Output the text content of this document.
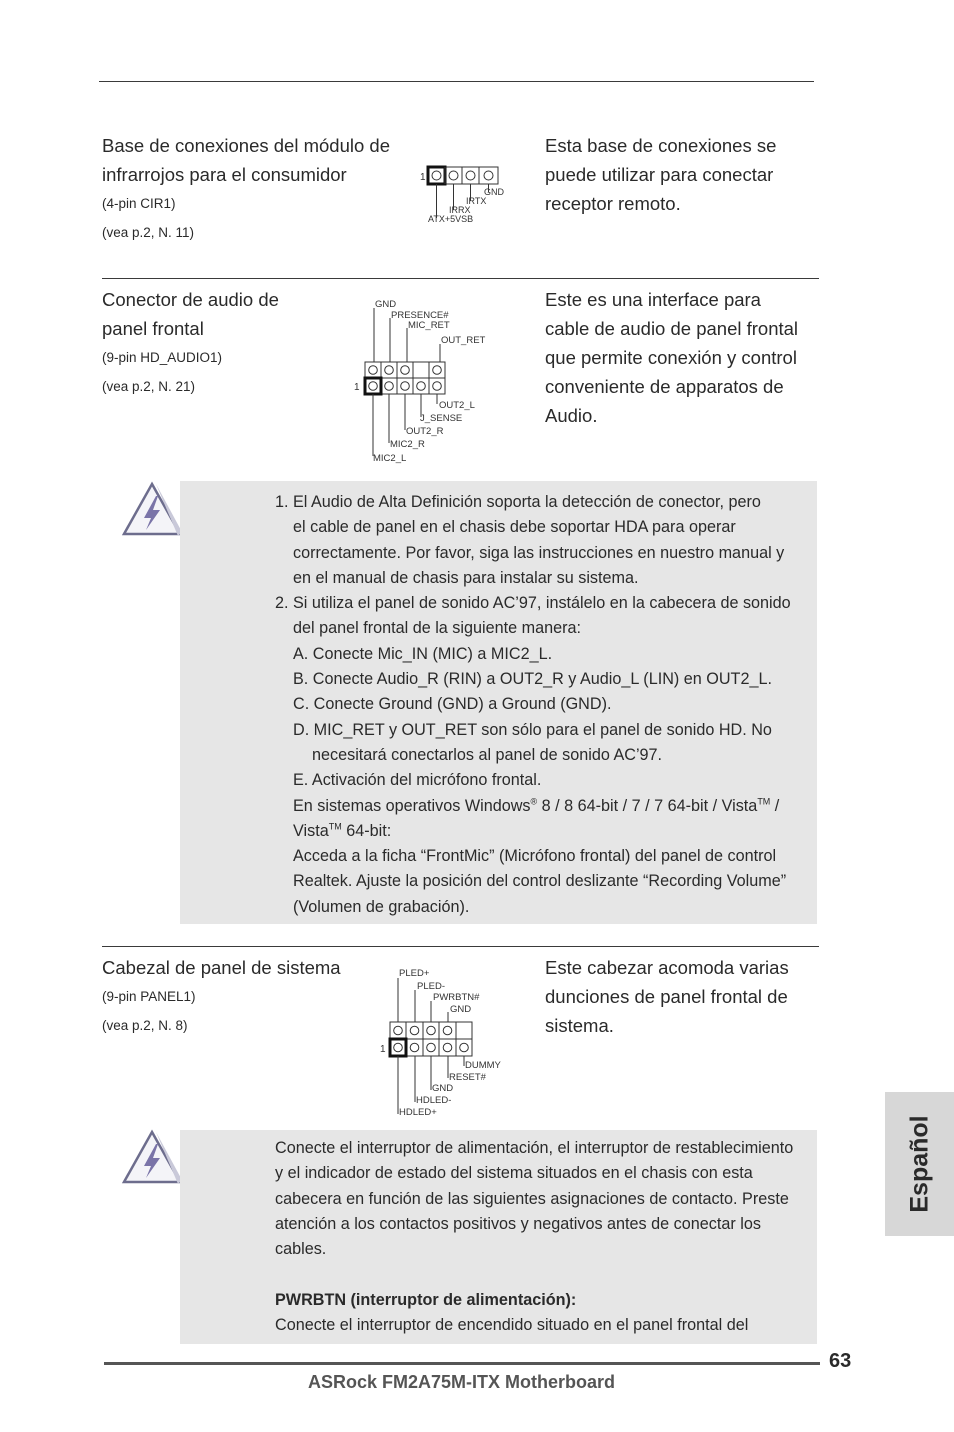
Base de conexiones del módulo de
infrarrojos para el consumidor
(4-pin CIR1)
(vea p.2, N. 11)
1
GND
IRTX
IRRX
ATX+5VSB
Esta base de conexiones se
puede utilizar para conectar
receptor remoto.
Conector de audio de
panel frontal
(9-pin HD_AUDIO1)
(vea p.2, N. 21)
GND
PRESENCE#
MIC_RET
OUT_RET
1
OUT2_L
J_SENSE
OUT2_R
MIC2_R
MIC2_L
Este es una interface para
cable de audio de panel frontal
que permite conexión y control
conveniente de apparatos de
Audio.

1. El Audio de Alta Definición soporta la detección de conector, pero

el cable de panel en el chasis debe soportar HDA para operar

correctamente. Por favor, siga las instrucciones en nuestro manual y

en el manual de chasis para instalar su sistema.

2. Si utiliza el panel de sonido AC’97, instálelo en la cabecera de sonido

del panel frontal de la siguiente manera:

A. Conecte Mic_IN (MIC) a MIC2_L.

B. Conecte Audio_R (RIN) a OUT2_R y Audio_L (LIN) en OUT2_L.

C. Conecte Ground (GND) a Ground (GND).

D. MIC_RET y OUT_RET son sólo para el panel de sonido HD. No

necesitará conectarlos al panel de sonido AC’97.

E. Activación del micrófono frontal.

En sistemas operativos Windows® 8 / 8 64-bit / 7 / 7 64-bit / Vista™ /

Vista™ 64-bit:

Acceda a la ficha “FrontMic” (Micrófono frontal) del panel de control

Realtek. Ajuste la posición del control deslizante “Recording Volume”

(Volumen de grabación).

Cabezal de panel de sistema
(9-pin PANEL1)
(vea p.2, N. 8)
PLED+
PLED-
PWRBTN#
GND
1
DUMMY
RESET#
GND
HDLED-
HDLED+
Este cabezar acomoda varias
dunciones de panel frontal de
sistema.

Conecte el interruptor de alimentación, el interruptor de restablecimiento

y el indicador de estado del sistema situados en el chasis con esta

cabecera en función de las siguientes asignaciones de contacto. Preste

atención a los contactos positivos y negativos antes de conectar los

cables.

PWRBTN (interruptor de alimentación):

Conecte el interruptor de encendido situado en el panel frontal del

Español
63
ASRock FM2A75M-ITX Motherboard
